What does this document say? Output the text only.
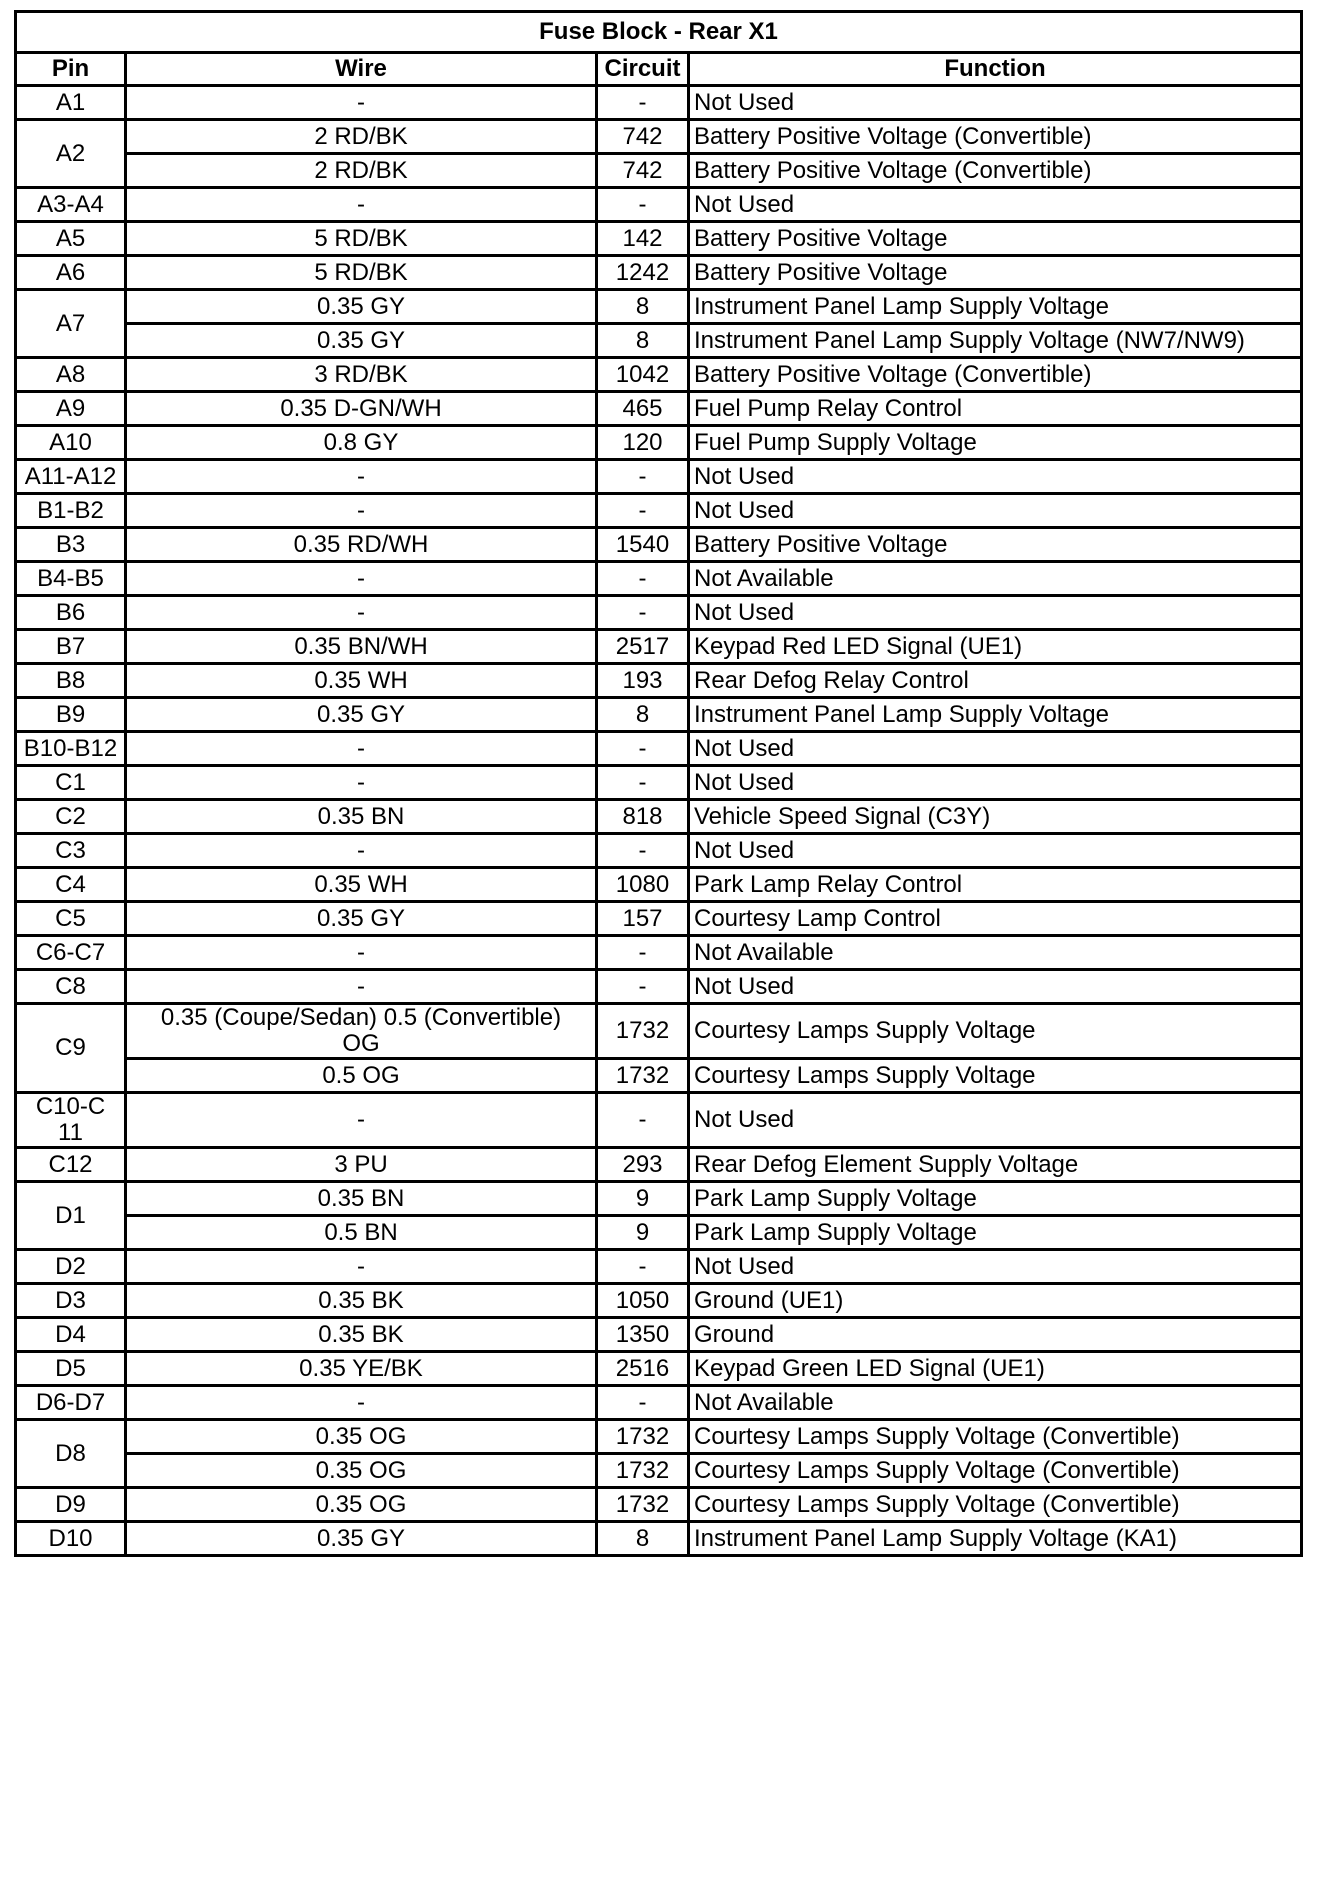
Fuse Block - Rear X1			
Pin	Wire	Circuit	Function
A1	-	-	Not Used
A2	2 RD/BK	742	Battery Positive Voltage (Convertible)
	2 RD/BK	742	Battery Positive Voltage (Convertible)
A3-A4	-	-	Not Used
A5	5 RD/BK	142	Battery Positive Voltage
A6	5 RD/BK	1242	Battery Positive Voltage
A7	0.35 GY	8	Instrument Panel Lamp Supply Voltage
	0.35 GY	8	Instrument Panel Lamp Supply Voltage (NW7/NW9)
A8	3 RD/BK	1042	Battery Positive Voltage (Convertible)
A9	0.35 D-GN/WH	465	Fuel Pump Relay Control
A10	0.8 GY	120	Fuel Pump Supply Voltage
A11-A12	-	-	Not Used
B1-B2	-	-	Not Used
B3	0.35 RD/WH	1540	Battery Positive Voltage
B4-B5	-	-	Not Available
B6	-	-	Not Used
B7	0.35 BN/WH	2517	Keypad Red LED Signal (UE1)
B8	0.35 WH	193	Rear Defog Relay Control
B9	0.35 GY	8	Instrument Panel Lamp Supply Voltage
B10-B12	-	-	Not Used
C1	-	-	Not Used
C2	0.35 BN	818	Vehicle Speed Signal (C3Y)
C3	-	-	Not Used
C4	0.35 WH	1080	Park Lamp Relay Control
C5	0.35 GY	157	Courtesy Lamp Control
C6-C7	-	-	Not Available
C8	-	-	Not Used
C9	0.35 (Coupe/Sedan) 0.5 (Convertible) OG	1732	Courtesy Lamps Supply Voltage
	0.5 OG	1732	Courtesy Lamps Supply Voltage
C10-C11	-	-	Not Used
C12	3 PU	293	Rear Defog Element Supply Voltage
D1	0.35 BN	9	Park Lamp Supply Voltage
	0.5 BN	9	Park Lamp Supply Voltage
D2	-	-	Not Used
D3	0.35 BK	1050	Ground (UE1)
D4	0.35 BK	1350	Ground
D5	0.35 YE/BK	2516	Keypad Green LED Signal (UE1)
D6-D7	-	-	Not Available
D8	0.35 OG	1732	Courtesy Lamps Supply Voltage (Convertible)
	0.35 OG	1732	Courtesy Lamps Supply Voltage (Convertible)
D9	0.35 OG	1732	Courtesy Lamps Supply Voltage (Convertible)
D10	0.35 GY	8	Instrument Panel Lamp Supply Voltage (KA1)
